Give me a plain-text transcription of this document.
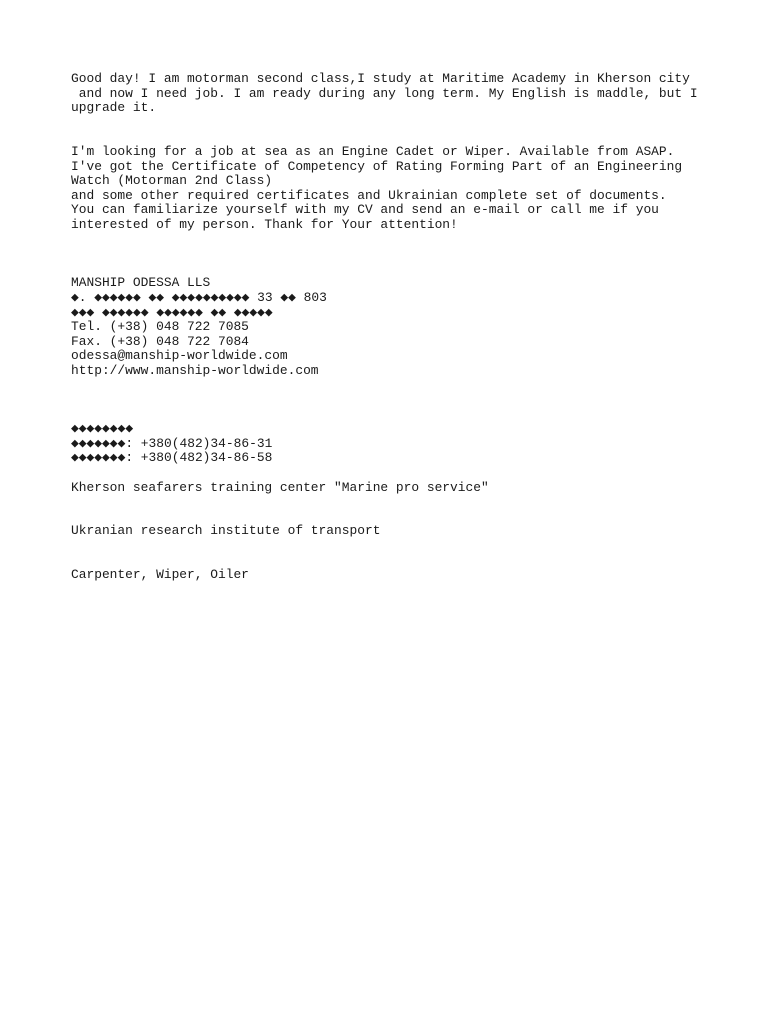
Good day! I am motorman second class,I study at Maritime Academy in Kherson city
and now I need job. I am ready during any long term. My English is maddle, but I
upgrade it.
I'm looking for a job at sea as an Engine Cadet or Wiper. Available from ASAP.
I've got the Certificate of Competency of Rating Forming Part of an Engineering
Watch (Motorman 2nd Class)
and some other required certificates and Ukrainian complete set of documents.
You can familiarize yourself with my CV and send an e-mail or call me if you
interested of my person. Thank for Your attention!
MANSHIP ODESSA LLS
◆. ◆◆◆◆◆◆ ◆◆ ◆◆◆◆◆◆◆◆◆◆ 33 ◆◆ 803
◆◆◆ ◆◆◆◆◆◆ ◆◆◆◆◆◆ ◆◆ ◆◆◆◆◆
Tel. (+38) 048 722 7085
Fax. (+38) 048 722 7084
odessa@manship-worldwide.com
http://www.manship-worldwide.com
◆◆◆◆◆◆◆◆
◆◆◆◆◆◆◆: +380(482)34-86-31
◆◆◆◆◆◆◆: +380(482)34-86-58
Kherson seafarers training center "Marine pro service"
Ukranian research institute of transport
Carpenter, Wiper, Oiler
